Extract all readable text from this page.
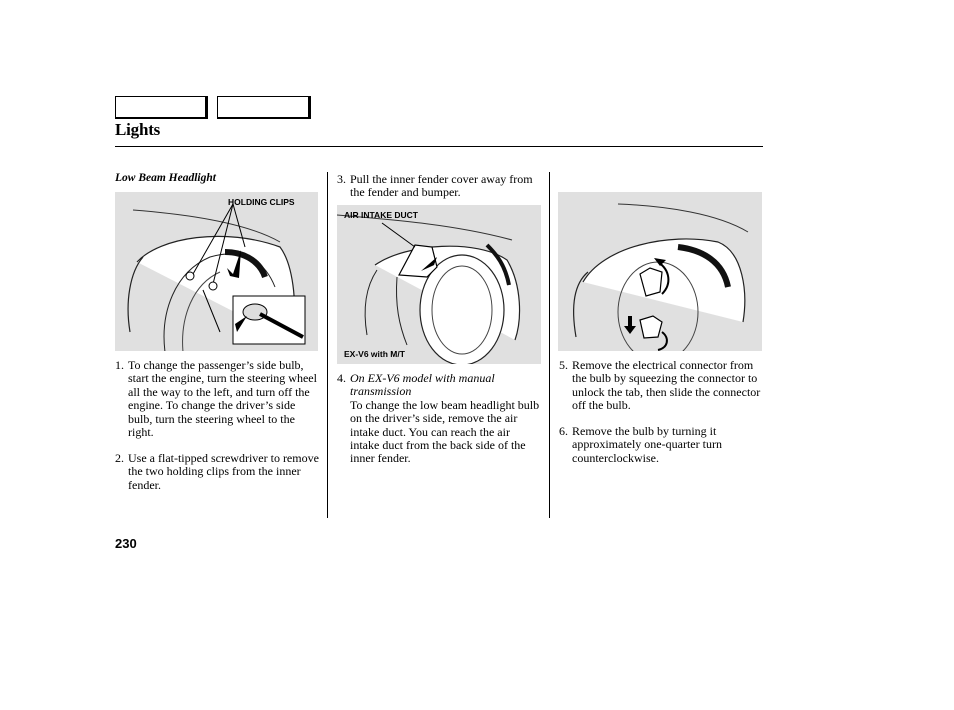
Lights
Low Beam Headlight
HOLDING CLIPS
1. To change the passenger’s side bulb, start the engine, turn the steering wheel all the way to the left, and turn off the engine. To change the driver’s side bulb, turn the steering wheel to the right.
2. Use a flat-tipped screwdriver to remove the two holding clips from the inner fender.
3. Pull the inner fender cover away from the fender and bumper.
AIR INTAKE DUCT
EX-V6 with M/T
4. On EX-V6 model with manual transmission
To change the low beam headlight bulb on the driver’s side, remove the air intake duct. You can reach the air intake duct from the back side of the inner fender.
5. Remove the electrical connector from the bulb by squeezing the connector to unlock the tab, then slide the connector off the bulb.
6. Remove the bulb by turning it approximately one-quarter turn counterclockwise.
230
